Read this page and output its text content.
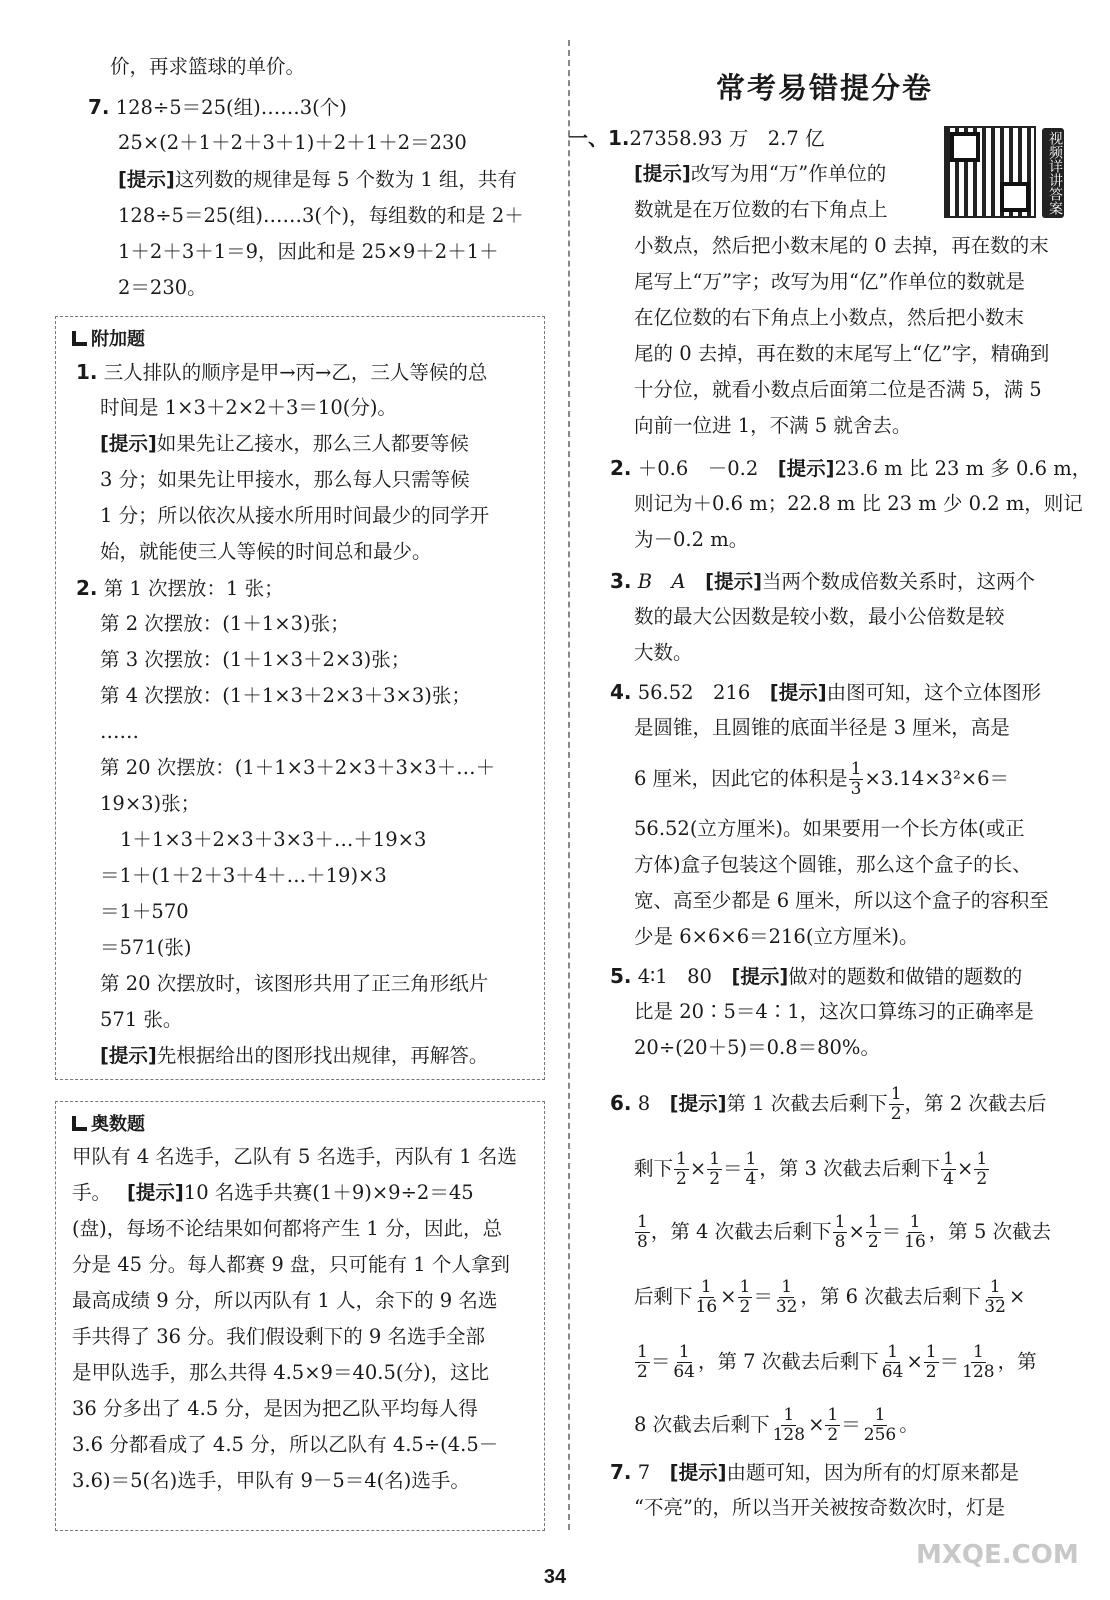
价，再求篮球的单价。
7. 128÷5＝25(组)……3(个)
25×(2＋1＋2＋3＋1)＋2＋1＋2＝230
[提示]这列数的规律是每 5 个数为 1 组，共有
128÷5＝25(组)……3(个)，每组数的和是 2＋
1＋2＋3＋1＝9，因此和是 25×9＋2＋1＋
2＝230。
附加题
1. 三人排队的顺序是甲→丙→乙，三人等候的总
时间是 1×3＋2×2＋3＝10(分)。
[提示]如果先让乙接水，那么三人都要等候
3 分；如果先让甲接水，那么每人只需等候
1 分；所以依次从接水所用时间最少的同学开
始，就能使三人等候的时间总和最少。
2. 第 1 次摆放：1 张；
第 2 次摆放：(1＋1×3)张；
第 3 次摆放：(1＋1×3＋2×3)张；
第 4 次摆放：(1＋1×3＋2×3＋3×3)张；
……
第 20 次摆放：(1＋1×3＋2×3＋3×3＋…＋
19×3)张；
1＋1×3＋2×3＋3×3＋…＋19×3
＝1＋(1＋2＋3＋4＋…＋19)×3
＝1＋570
＝571(张)
第 20 次摆放时，该图形共用了正三角形纸片
571 张。
[提示]先根据给出的图形找出规律，再解答。
奥数题
甲队有 4 名选手，乙队有 5 名选手，丙队有 1 名选
手。　 [提示]10 名选手共赛(1＋9)×9÷2＝45
(盘)，每场不论结果如何都将产生 1 分，因此，总
分是 45 分。每人都赛 9 盘，只可能有 1 个人拿到
最高成绩 9 分，所以丙队有 1 人，余下的 9 名选
手共得了 36 分。我们假设剩下的 9 名选手全部
是甲队选手，那么共得 4.5×9＝40.5(分)，这比
36 分多出了 4.5 分，是因为把乙队平均每人得
3.6 分都看成了 4.5 分，所以乙队有 4.5÷(4.5－
3.6)＝5(名)选手，甲队有 9－5＝4(名)选手。
常考易错提分卷
视频详讲答案
一、1.27358.93 万　2.7 亿
[提示]改写为用“万”作单位的
数就是在万位数的右下角点上
小数点，然后把小数末尾的 0 去掉，再在数的末
尾写上“万”字；改写为用“亿”作单位的数就是
在亿位数的右下角点上小数点，然后把小数末
尾的 0 去掉，再在数的末尾写上“亿”字，精确到
十分位，就看小数点后面第二位是否满 5，满 5
向前一位进 1，不满 5 就舍去。
2. ＋0.6　－0.2　 [提示]23.6 m 比 23 m 多 0.6 m，
则记为＋0.6 m；22.8 m 比 23 m 少 0.2 m，则记
为－0.2 m。
3. B　A　 [提示]当两个数成倍数关系时，这两个
数的最大公因数是较小数，最小公倍数是较
大数。
4. 56.52　216　 [提示]由图可知，这个立体图形
是圆锥，且圆锥的底面半径是 3 厘米，高是
6 厘米，因此它的体积是 $\frac{1}{3} \times 3.14\times 3^2\times 6=$
56.52(立方厘米)。如果要用一个长方体(或正
方体)盒子包装这个圆锥，那么这个盒子的长、
宽、高至少都是 6 厘米，所以这个盒子的容积至
少是 6×6×6＝216(立方厘米)。
5. 4∶1　80　 [提示]做对的题数和做错的题数的
比是 20∶5＝4∶1，这次口算练习的正确率是
20÷(20＋5)＝0.8＝80%。
6. 8　 [提示]第 1 次截去后剩下 $\frac{1}{2}$ ，第 2 次截去后
剩下 $\frac{1}{2} \times \frac{1}{2} = \frac{1}{4}$ ，第 3 次截去后剩下 $\frac{1}{4} \times \frac{1}{2}$
$\frac{1}{8}$ ，第 4 次截去后剩下 $\frac{1}{8} \times \frac{1}{2} = \frac{1}{16}$ ，第 5 次截去
后剩下 $\frac{1}{16} \times \frac{1}{2} = \frac{1}{32}$ ，第 6 次截去后剩下 $\frac{1}{32}$ ×
$\frac{1}{2} = \frac{1}{64}$ ，第 7 次截去后剩下 $\frac{1}{64} \times \frac{1}{2} = \frac{1}{128}$ ，第
8 次截去后剩下 $\frac{1}{128} \times \frac{1}{2} = \frac{1}{256}$ 。
7. 7　 [提示]由题可知，因为所有的灯原来都是
“不亮”的，所以当开关被按奇数次时，灯是
MXQE.COM
34
